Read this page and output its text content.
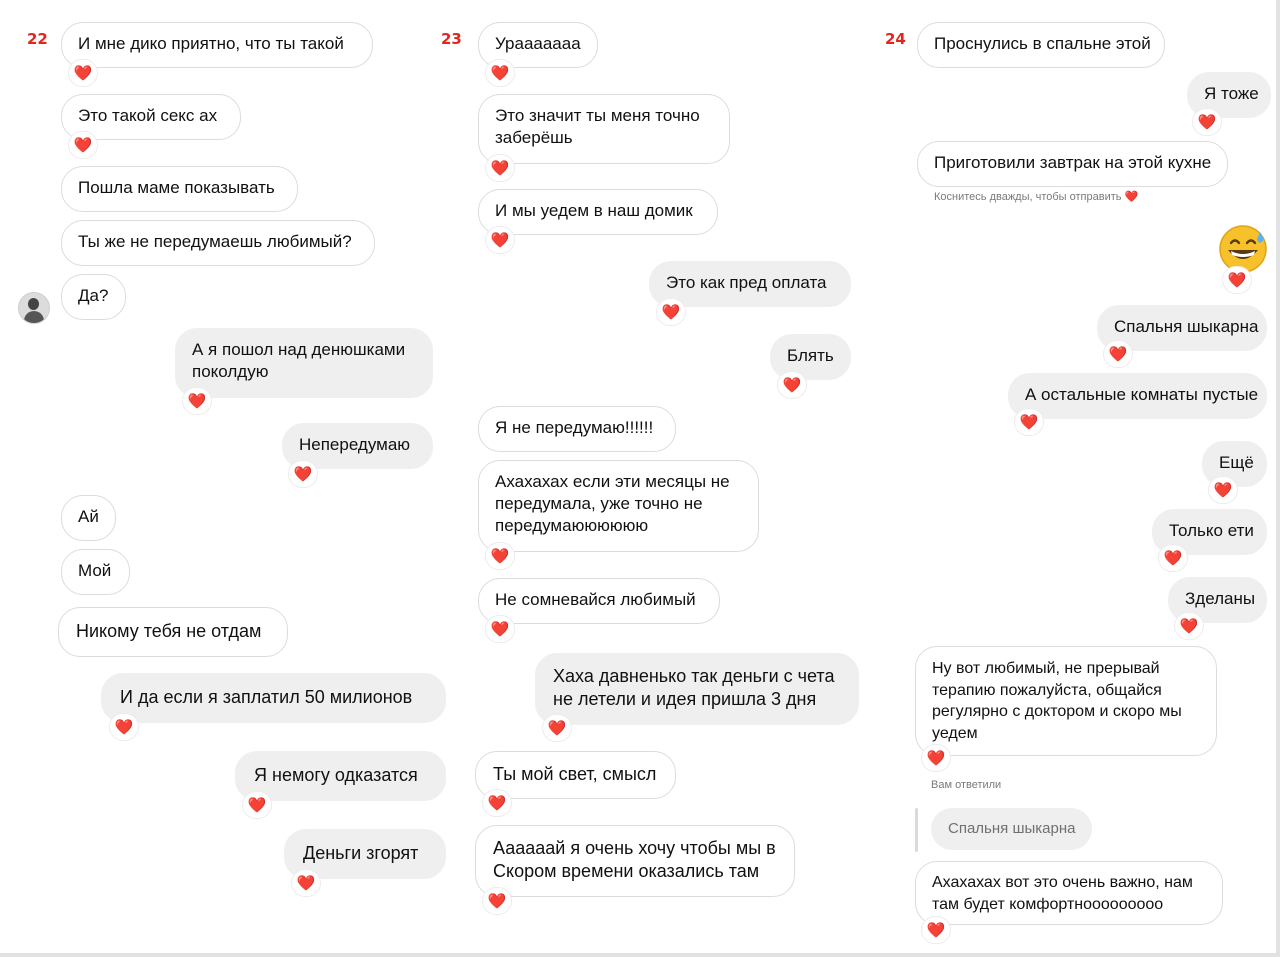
22	23	24
И мне дико приятно, что ты такой
❤️
Это такой секс ах
❤️
Пошла маме показывать
Ты же не передумаешь любимый?
Да?
А я пошол над денюшками поколдую
❤️
Непередумаю
❤️
Ай
Мой
Никому тебя не отдам
И да если я заплатил 50 милионов
❤️
Я немогу одказатся
❤️
Деньги згорят
❤️
Урааааааа
❤️
Это значит ты меня точно заберёшь
❤️
И мы уедем в наш домик
❤️
Это как пред оплата
❤️
Блять
❤️
Я не передумаю!!!!!!
Ахахахах если эти месяцы не передумала, уже точно не передумаюююююю
❤️
Не сомневайся любимый
❤️
Хаха давненько так деньги с чета не летели и идея пришла 3 дня
❤️
Ты мой свет, смысл
❤️
Аааааай я очень хочу чтобы мы в Скором времени оказались там
❤️
Проснулись в спальне этой
Я тоже
❤️
Приготовили завтрак на этой кухне
Коснитесь дважды, чтобы отправить ❤️
❤️
Спальня шыкарна
❤️
А остальные комнаты пустые
❤️
Ещё
❤️
Только ети
❤️
Зделаны
❤️
Ну вот любимый, не прерывай терапию пожалуйста, общайся регулярно с доктором и скоро мы уедем
❤️
Вам ответили
Спальня шыкарна
Ахахахах вот это очень важно, нам там будет комфортнооооооооо
❤️
